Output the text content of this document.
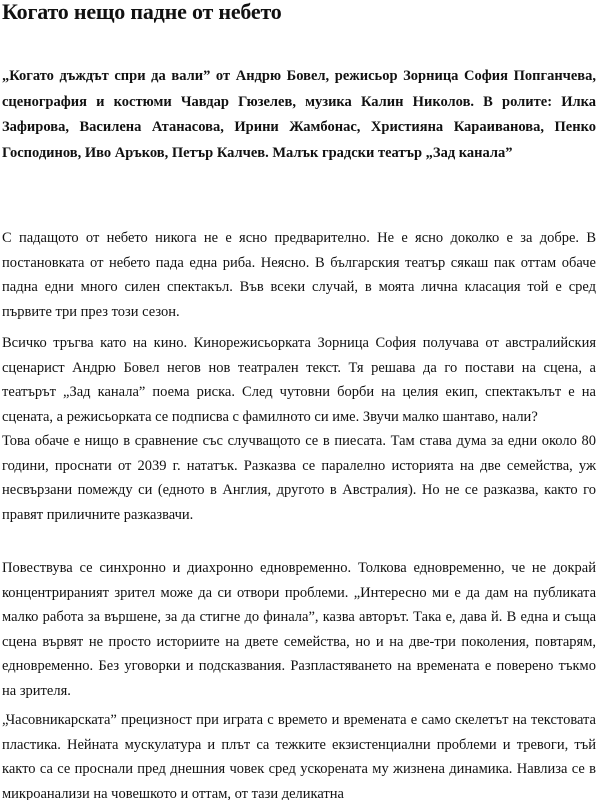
Когато нещо падне от небето

„Когато дъждът спри да вали” от Андрю Бовел, режисьор Зорница София Попганчева, сценография и костюми Чавдар Гюзелев, музика Калин Николов. В ролите: Илка Зафирова, Василена Атанасова, Ирини Жамбонас, Християна Караиванова, Пенко Господинов, Иво Аръков, Петър Калчев. Малък градски театър „Зад канала”

С падащото от небето никога не е ясно предварително. Не е ясно доколко е за добре. В постановката от небето пада една риба. Неясно. В българския театър сякаш пак оттам обаче падна едни много силен спектакъл. Във всеки случай, в моята лична класация той е сред първите три през този сезон.

Всичко тръгва като на кино. Кинорежисьорката Зорница София получава от австралийския сценарист Андрю Бовел негов нов театрален текст. Тя решава да го постави на сцена, а театърът „Зад канала” поема риска. След чутовни борби на целия екип, спектакълът е на сцената, а режисьорката се подписва с фамилното си име. Звучи малко шантаво, нали?

Това обаче е нищо в сравнение със случващото се в пиесата. Там става дума за едни около 80 години, проснати от 2039 г. нататък. Разказва се паралелно историята на две семейства, уж несвързани помежду си (едното в Англия, другото в Австралия). Но не се разказва, както го правят приличните разказвачи.

Повествува се синхронно и диахронно едновременно. Толкова едновременно, че не докрай концентрираният зрител може да си отвори проблеми. „Интересно ми е да дам на публиката малко работа за вършене, за да стигне до финала”, казва авторът. Така е, дава й. В една и съща сцена вървят не просто историите на двете семейства, но и на две-три поколения, повтарям, едновременно. Без уговорки и подсказвания. Разпластяването на времената е поверено тъкмо на зрителя.

„Часовникарската” прецизност при играта с времето и времената е само скелетът на текстовата пластика. Нейната мускулатура и плът са тежките екзистенциални проблеми и тревоги, тъй както са се проснали пред днешния човек сред ускорената му жизнена динамика. Навлиза се в микроанализи на човешкото и оттам, от тази деликатна
